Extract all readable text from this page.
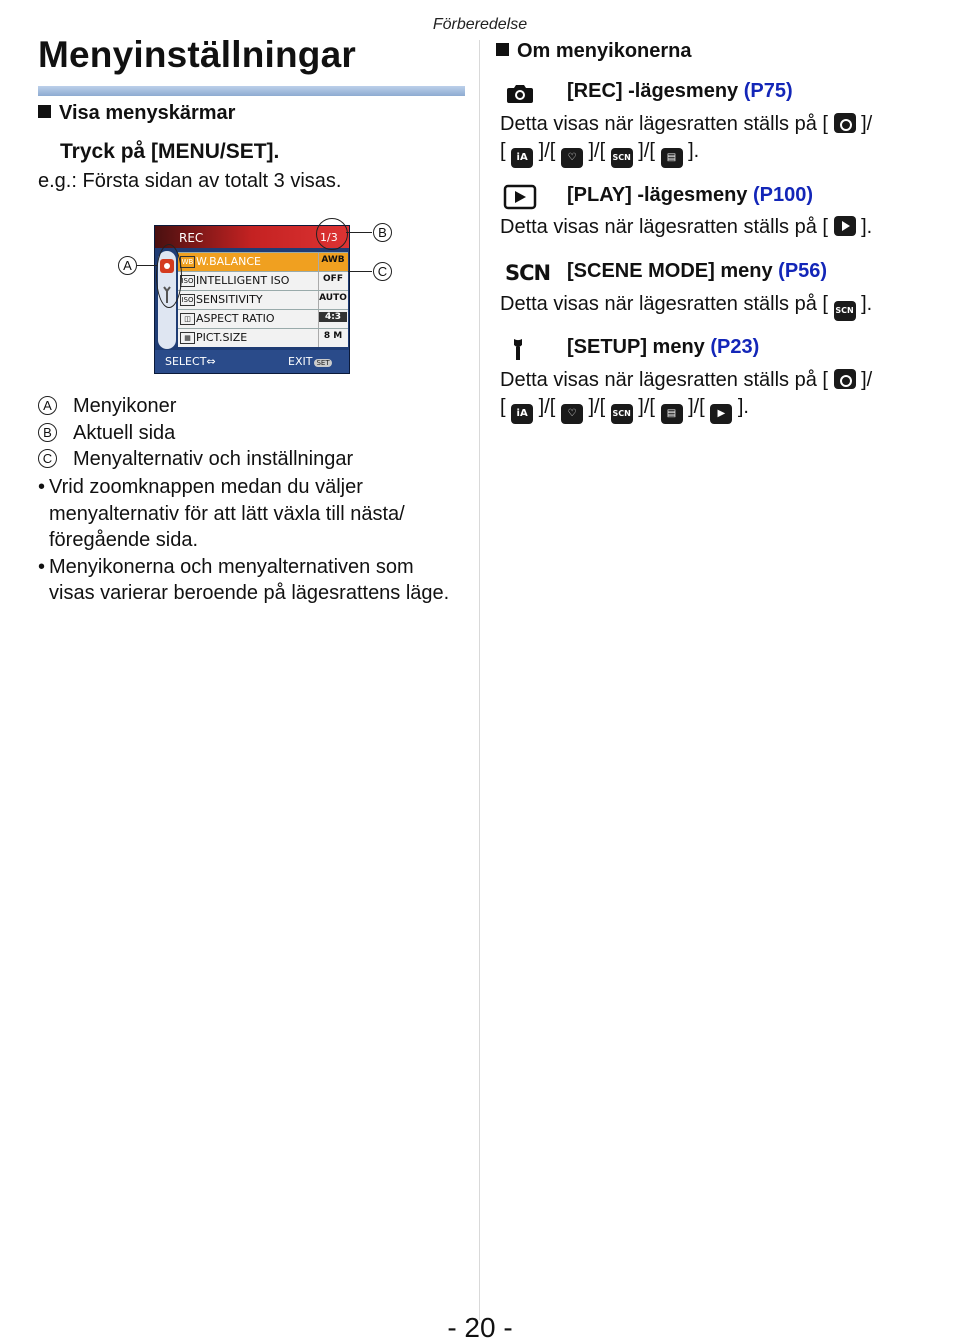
Förberedelse
Menyinställningar
Visa menyskärmar
Tryck på [MENU/SET].
e.g.: Första sidan av totalt 3 visas.
REC	1/3
WB W.BALANCE	AWB
ISO INTELLIGENT ISO	OFF
ISO SENSITIVITY	AUTO
◫ ASPECT RATIO	4:3
▦ PICT.SIZE	8 M
SELECT⇔	EXIT SET
A
B
C
A Menyikoner
B Aktuell sida
C Menyalternativ och inställningar

• Vrid zoomknappen medan du väljer menyalternativ för att lätt växla till nästa/ föregående sida.

• Menyikonerna och menyalternativen som visas varierar beroende på lägesrattens läge.

Om menyikonerna
[REC] -lägesmeny (P75)
Detta visas när lägesratten ställs på [ ]/
[ iA ]/[ ♡ ]/[ SCN ]/[ ▤ ].
[PLAY] -lägesmeny (P100)
Detta visas när lägesratten ställs på [ ].
SCN [SCENE MODE] meny (P56)
Detta visas när lägesratten ställs på [ SCN ].
[SETUP] meny (P23)
Detta visas när lägesratten ställs på [ ]/
[ iA ]/[ ♡ ]/[ SCN ]/[ ▤ ]/[ ▶ ].
- 20 -
